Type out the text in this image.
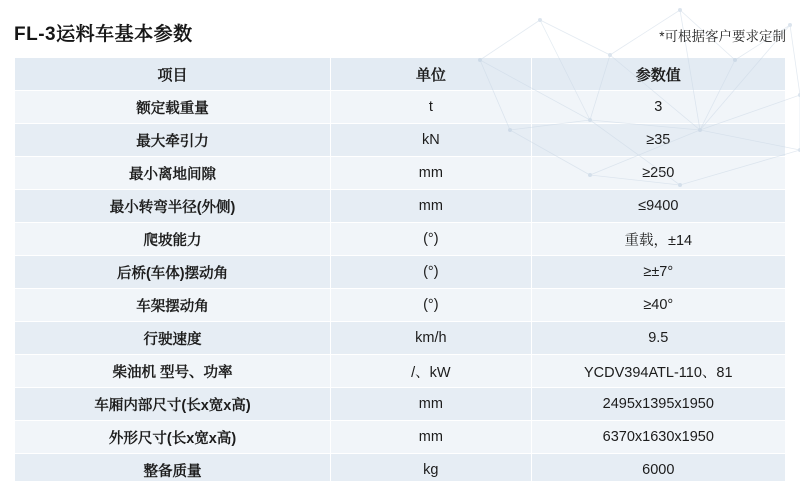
FL-3运料车基本参数	*可根据客户要求定制
项目	单位	参数值
额定载重量	t	3
最大牵引力	kN	≥35
最小离地间隙	mm	≥250
最小转弯半径(外侧)	mm	≤9400
爬坡能力	(°)	重载，±14
后桥(车体)摆动角	(°)	≥±7°
车架摆动角	(°)	≥40°
行驶速度	km/h	9.5
柴油机 型号、功率	/、kW	YCDV394ATL-110、81
车厢内部尺寸(长x宽x高)	mm	2495x1395x1950
外形尺寸(长x宽x高)	mm	6370x1630x1950
整备质量	kg	6000
